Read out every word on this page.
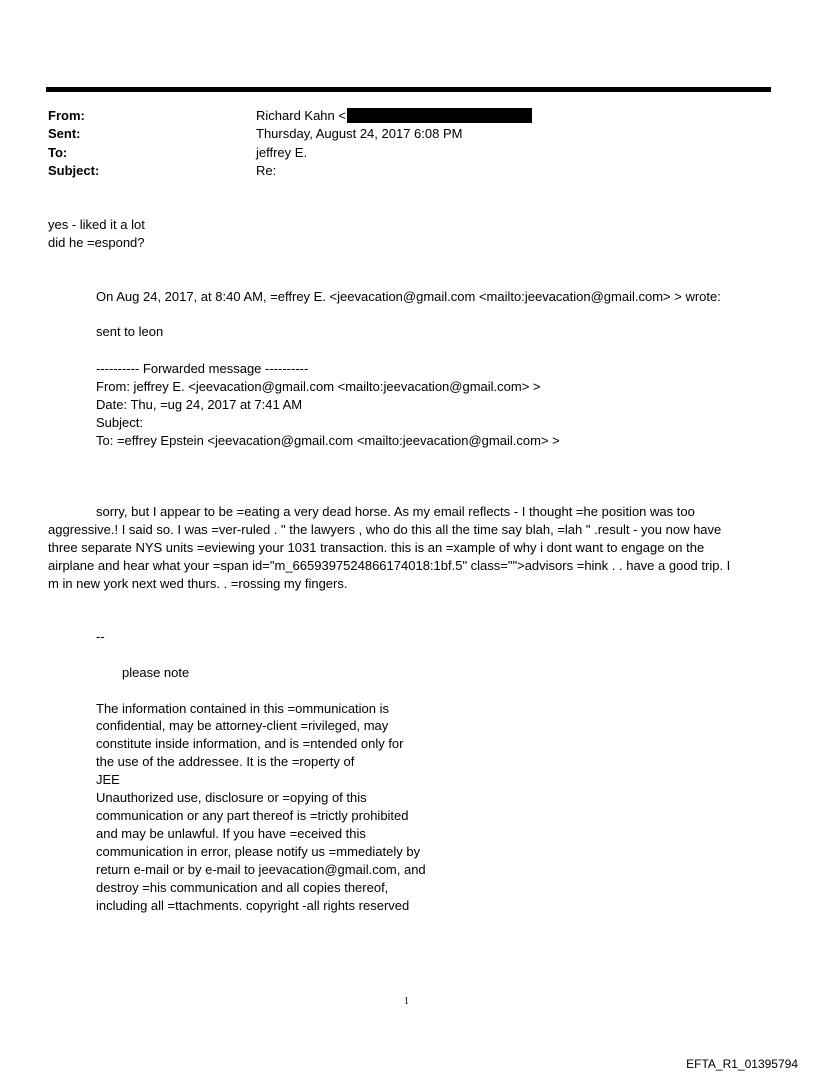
From:	Richard Kahn <
Sent:	Thursday, August 24, 2017 6:08 PM
To:	jeffrey E.
Subject:	Re:
yes - liked it a lot
did he =espond?
On Aug 24, 2017, at 8:40 AM, =effrey E. <jeevacation@gmail.com <mailto:jeevacation@gmail.com> > wrote:
sent to leon
---------- Forwarded message ----------
From: jeffrey E. <jeevacation@gmail.com <mailto:jeevacation@gmail.com> >
Date: Thu, =ug 24, 2017 at 7:41 AM
Subject:
To: =effrey Epstein <jeevacation@gmail.com <mailto:jeevacation@gmail.com> >
sorry, but I appear to be =eating a very dead horse. As my email reflects - I thought =he position was too
aggressive.! I said so. I was =ver-ruled . " the lawyers , who do this all the time say blah, =lah " .result - you now have
three separate NYS units =eviewing your 1031 transaction. this is an =xample of why i dont want to engage on the
airplane and hear what your =span id="m_6659397524866174018:1bf.5" class="">advisors =hink . . have a good trip. I
m in new york next wed thurs. . =rossing my fingers.
--
please note
The information contained in this =ommunication is
confidential, may be attorney-client =rivileged, may
constitute inside information, and is =ntended only for
the use of the addressee. It is the =roperty of
JEE
Unauthorized use, disclosure or =opying of this
communication or any part thereof is =trictly prohibited
and may be unlawful. If you have =eceived this
communication in error, please notify us =mmediately by
return e-mail or by e-mail to jeevacation@gmail.com, and
destroy =his communication and all copies thereof,
including all =ttachments. copyright -all rights reserved
1
EFTA_R1_01395794
